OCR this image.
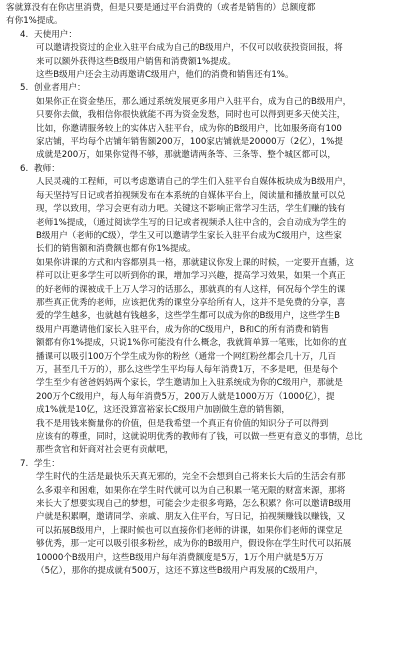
客就算没有在你店里消费，但是只要是通过平台消费的（或者是销售的）总额度都
有你1%提成。
4. 天使用户：
可以邀请投资过的企业入驻平台成为自己的B级用户，不仅可以收获投资回报，将
来可以额外获得这些B级用户销售和消费额1%提成。
这些B级用户还会主动再邀请C级用户，他们的消费和销售还有1%。
5. 创业者用户：
如果你正在资金垫压，那么通过系统发展更多用户入驻平台，成为自己的B级用户，
只要你去做，我相信你很快就能不再为资金发愁，同时也可以得到更多天使关注，
比如，你邀请服务较上的实体店入驻平台，成为你的B级用户，比如服务商有100
家店铺，平均每个店铺年销售额200万，100家店铺就是20000万（2亿），1%提
成就是200万，如果你觉得不够，那就邀请两条等、三条等、整个城区都可以，
6. 教师：
人民灵魂的工程师，可以考虑邀请自己的学生们入驻平台自媒体板块成为B级用户，
每天坚持写日记或者拍视频发布在本系统的自媒体平台上，阅读量和播放量可以兑
现，学以致用，学习会更有动力吧。关键这不影响正常学习生活，学生们赚的钱有
老师1%提成，（通过阅读学生写的日记或者视频杀人往中含的，会自动成为学生的
B级用户（老师的C级），学生又可以邀请学生家长入驻平台成为C级用户，这些家
长们的销售额和消费额也都有你1%提成。
如果你讲课的方式和内容都别具一格，那就建议你发上课的时候，一定要开直播，这
样可以让更多学生可以听到你的课，增加学习兴趣，提高学习效果，如果一个真正
的好老师的课被成千上万人学习的话那么，那就真的有人这样，何况每个学生的课
那些真正优秀的老师，应该把优秀的课堂分享给所有人，这并不是免费的分享，喜
爱的学生越多，也就越有钱越多，这些学生都可以成为你的B级用户，这些学生B
级用户再邀请他们家长入驻平台，成为你的C级用户，B和C的所有消费和销售
额都有你1%提成，只说1%你可能没有什么概念，我就简单算一笔账，比如你的直
播课可以吸引100万个学生成为你的粉丝（通常一个网红粉丝都会几十万，几百
万，甚至几千万的），那么这些学生平均每人每年消费1万，不多是吧，但是每个
学生至少有爸爸妈妈两个家长，学生邀请加上入驻系统成为你的C级用户，那就是
200万个C级用户，每人每年消费5万，200万人就是1000万万（1000亿），提
成1%就是10亿，这还没算富裕家长C级用户加剧做生意的销售额，
我不是用钱来衡量你的价值，但是我希望一个真正有价值的知识分子可以得到
应该有的尊重，同时，这就说明优秀的教师有了钱，可以做一些更有意义的事情，总比
那些贪官和奸商对社会更有贡献吧，
7. 学生：
学生时代的生活是最快乐天真无邪的，完全不会想到自己将来长大后的生活会有那
么多艰辛和困难，如果你在学生时代就可以为自己积累一笔无限的财富来源，那将
来长大了想要实现自己的梦想，可能会少走很多弯路，怎么积累？你可以邀请B级用
户就是积累啊，邀请同学、亲戚、朋友入住平台，写日记，拍视频赚钱以赚钱，又
可以拓展B级用户，上课时候也可以直接你们老师的讲课，如果你们老师的课堂足
够优秀，那一定可以吸引很多粉丝，成为你的B级用户，假设你在学生时代可以拓展
10000个B级用户，这些B级用户每年消费额度是5万，1万个用户就是5万万
（5亿），那你的提成就有500万，这还不算这些B级用户再发展的C级用户，
